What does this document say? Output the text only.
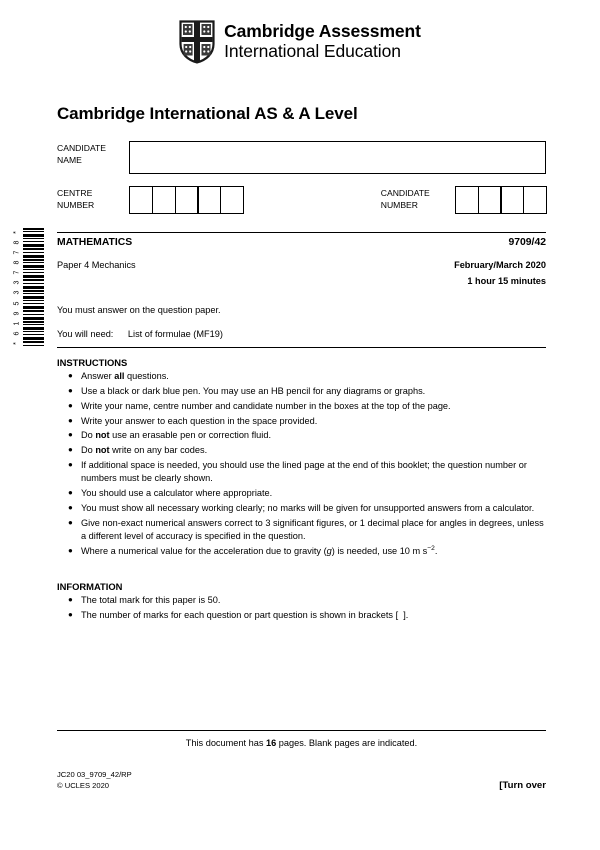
Cambridge Assessment
International Education
*
8
7
8
7
3
3
5
9
1
6
*
Cambridge International AS & A Level
CANDIDATE
NAME
CENTRE
NUMBER
CANDIDATE
NUMBER
MATHEMATICS	9709/42
Paper 4 Mechanics	February/March 2020
1 hour 15 minutes
You must answer on the question paper.
You will need: List of formulae (MF19)
INSTRUCTIONS
● Answer all questions.
● Use a black or dark blue pen. You may use an HB pencil for any diagrams or graphs.
● Write your name, centre number and candidate number in the boxes at the top of the page.
● Write your answer to each question in the space provided.
● Do not use an erasable pen or correction fluid.
● Do not write on any bar codes.
● If additional space is needed, you should use the lined page at the end of this booklet; the question number or numbers must be clearly shown.
● You should use a calculator where appropriate.
● You must show all necessary working clearly; no marks will be given for unsupported answers from a calculator.
● Give non-exact numerical answers correct to 3 significant figures, or 1 decimal place for angles in degrees, unless a different level of accuracy is specified in the question.
● Where a numerical value for the acceleration due to gravity (g) is needed, use 10 m $s^{-2}$.
INFORMATION
● The total mark for this paper is 50.
● The number of marks for each question or part question is shown in brackets [  ].
This document has 16 pages. Blank pages are indicated.
JC20 03_9709_42/RP
© UCLES 2020	[Turn over
